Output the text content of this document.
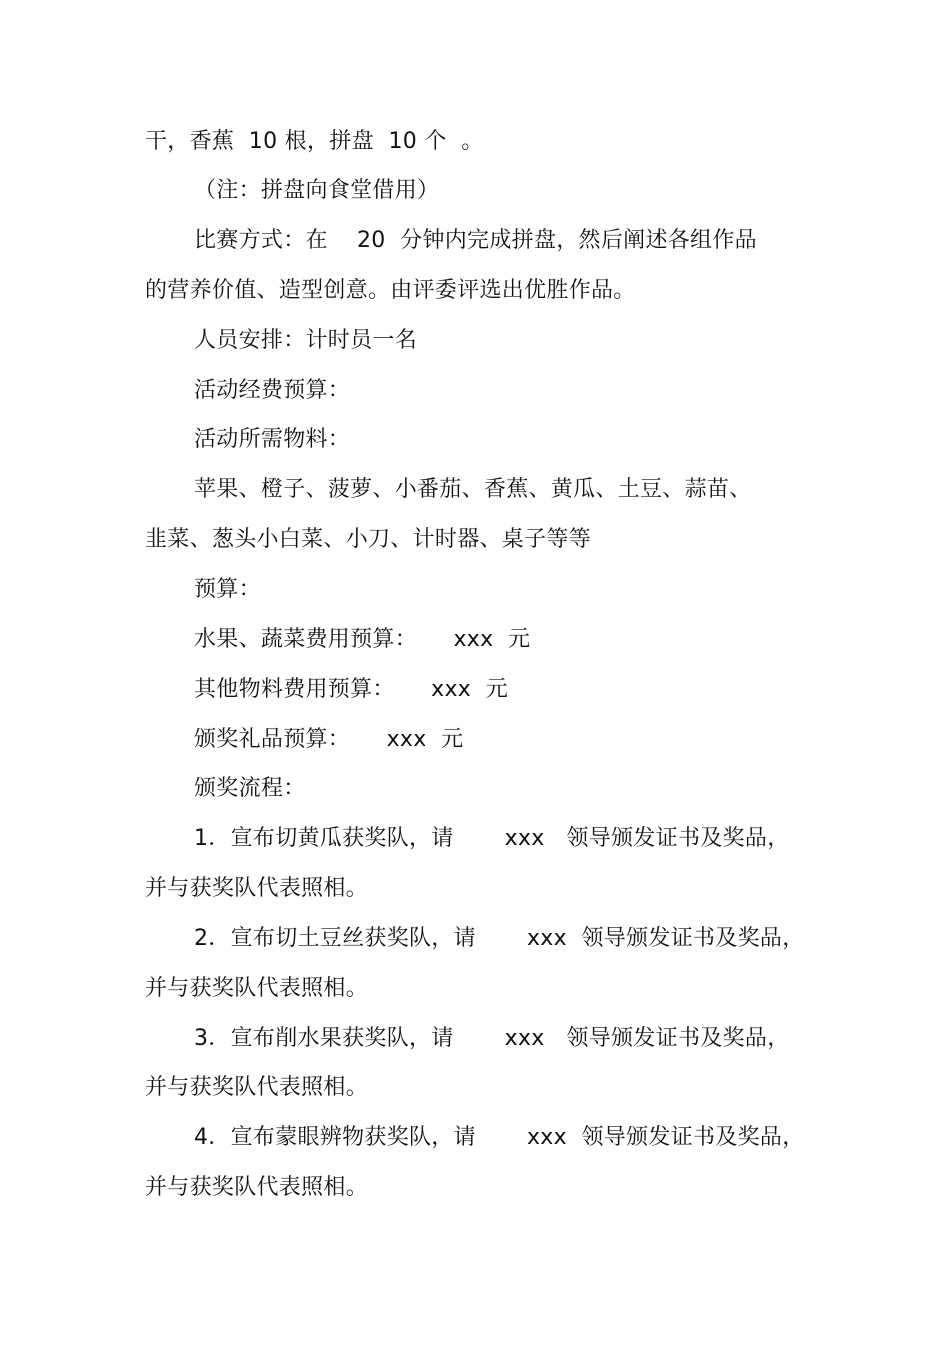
干，香蕉  10 根，拼盘  10 个  。
（注：拼盘向食堂借用）
比赛方式：在    20  分钟内完成拼盘，然后阐述各组作品
的营养价值、造型创意。由评委评选出优胜作品。
人员安排：计时员一名
活动经费预算：
活动所需物料：
苹果、橙子、菠萝、小番茄、香蕉、黄瓜、土豆、蒜苗、
韭菜、葱头小白菜、小刀、计时器、桌子等等
预算：
水果、蔬菜费用预算：     xxx  元
其他物料费用预算：     xxx  元
颁奖礼品预算：     xxx  元
颁奖流程：
1．宣布切黄瓜获奖队，请       xxx   领导颁发证书及奖品，
并与获奖队代表照相。
2．宣布切土豆丝获奖队，请       xxx  领导颁发证书及奖品，
并与获奖队代表照相。
3．宣布削水果获奖队，请       xxx   领导颁发证书及奖品，
并与获奖队代表照相。
4．宣布蒙眼辨物获奖队，请       xxx  领导颁发证书及奖品，
并与获奖队代表照相。
